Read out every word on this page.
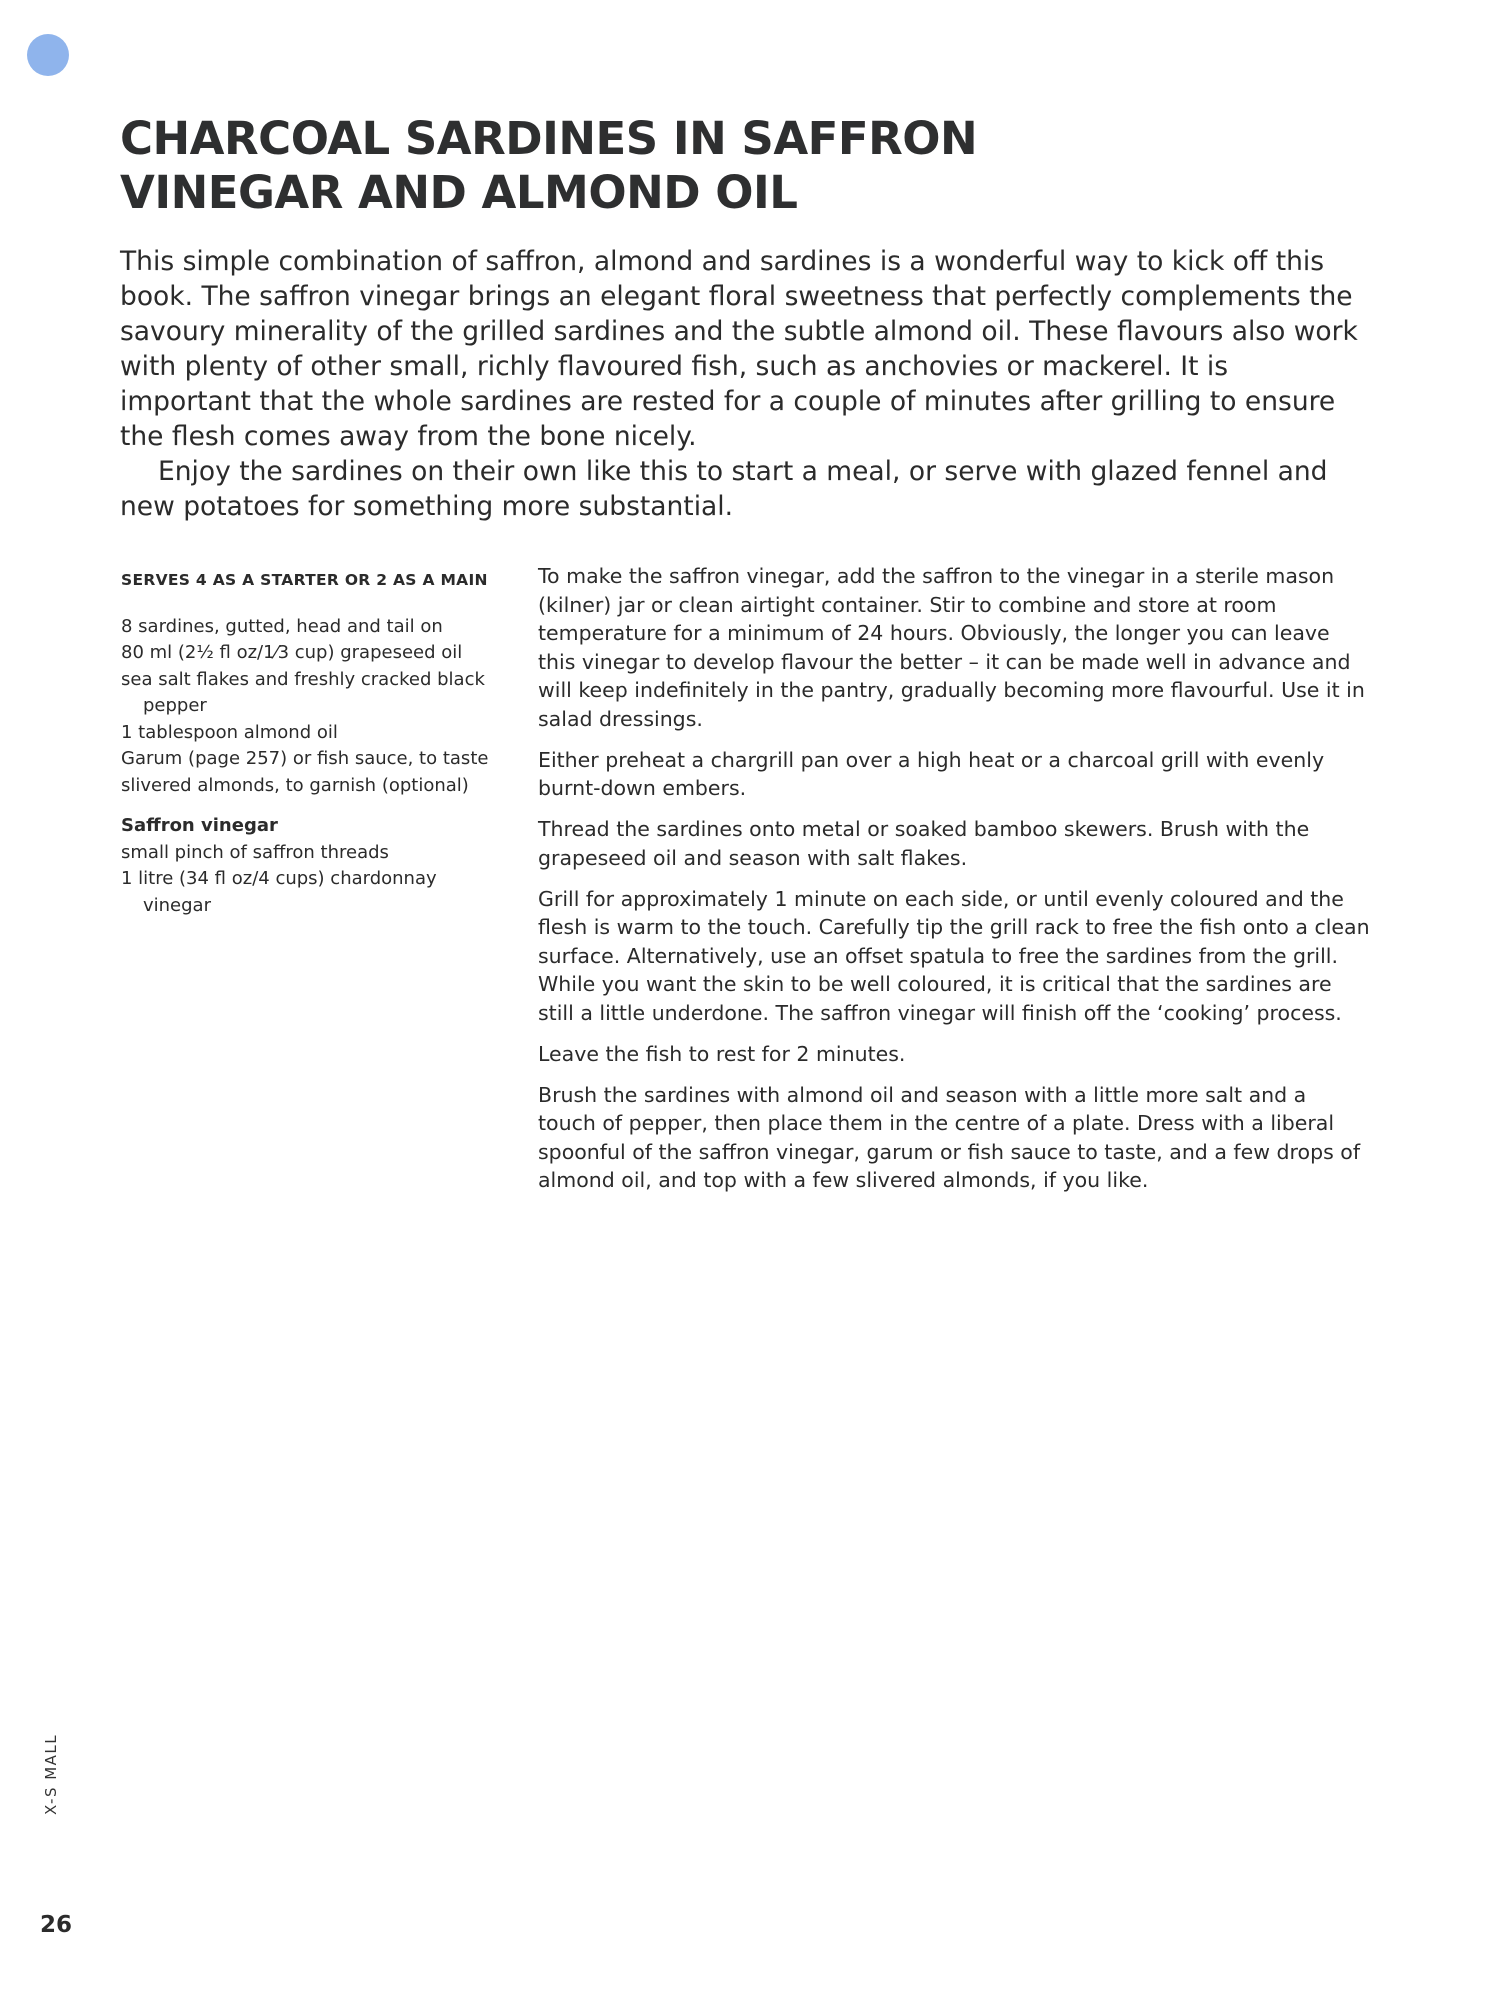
CHARCOAL SARDINES IN SAFFRON
VINEGAR AND ALMOND OIL

This simple combination of saffron, almond and sardines is a wonderful way to kick off this book. The saffron vinegar brings an elegant floral sweetness that perfectly complements the savoury minerality of the grilled sardines and the subtle almond oil. These flavours also work with plenty of other small, richly flavoured fish, such as anchovies or mackerel. It is important that the whole sardines are rested for a couple of minutes after grilling to ensure the flesh comes away from the bone nicely.

Enjoy the sardines on their own like this to start a meal, or serve with glazed fennel and new potatoes for something more substantial.

SERVES 4 AS A STARTER OR 2 AS A MAIN
8 sardines, gutted, head and tail on
80 ml (2½ fl oz/1⁄3 cup) grapeseed oil
sea salt flakes and freshly cracked black pepper
1 tablespoon almond oil
Garum (page 257) or fish sauce, to taste
slivered almonds, to garnish (optional)
Saffron vinegar
small pinch of saffron threads
1 litre (34 fl oz/4 cups) chardonnay vinegar

To make the saffron vinegar, add the saffron to the vinegar in a sterile mason (kilner) jar or clean airtight container. Stir to combine and store at room temperature for a minimum of 24 hours. Obviously, the longer you can leave this vinegar to develop flavour the better – it can be made well in advance and will keep indefinitely in the pantry, gradually becoming more flavourful. Use it in salad dressings.

Either preheat a chargrill pan over a high heat or a charcoal grill with evenly burnt-down embers.

Thread the sardines onto metal or soaked bamboo skewers. Brush with the grapeseed oil and season with salt flakes.

Grill for approximately 1 minute on each side, or until evenly coloured and the flesh is warm to the touch. Carefully tip the grill rack to free the fish onto a clean surface. Alternatively, use an offset spatula to free the sardines from the grill. While you want the skin to be well coloured, it is critical that the sardines are still a little underdone. The saffron vinegar will finish off the ‘cooking’ process.

Leave the fish to rest for 2 minutes.

Brush the sardines with almond oil and season with a little more salt and a touch of pepper, then place them in the centre of a plate. Dress with a liberal spoonful of the saffron vinegar, garum or fish sauce to taste, and a few drops of almond oil, and top with a few slivered almonds, if you like.

X-S MALL
26
